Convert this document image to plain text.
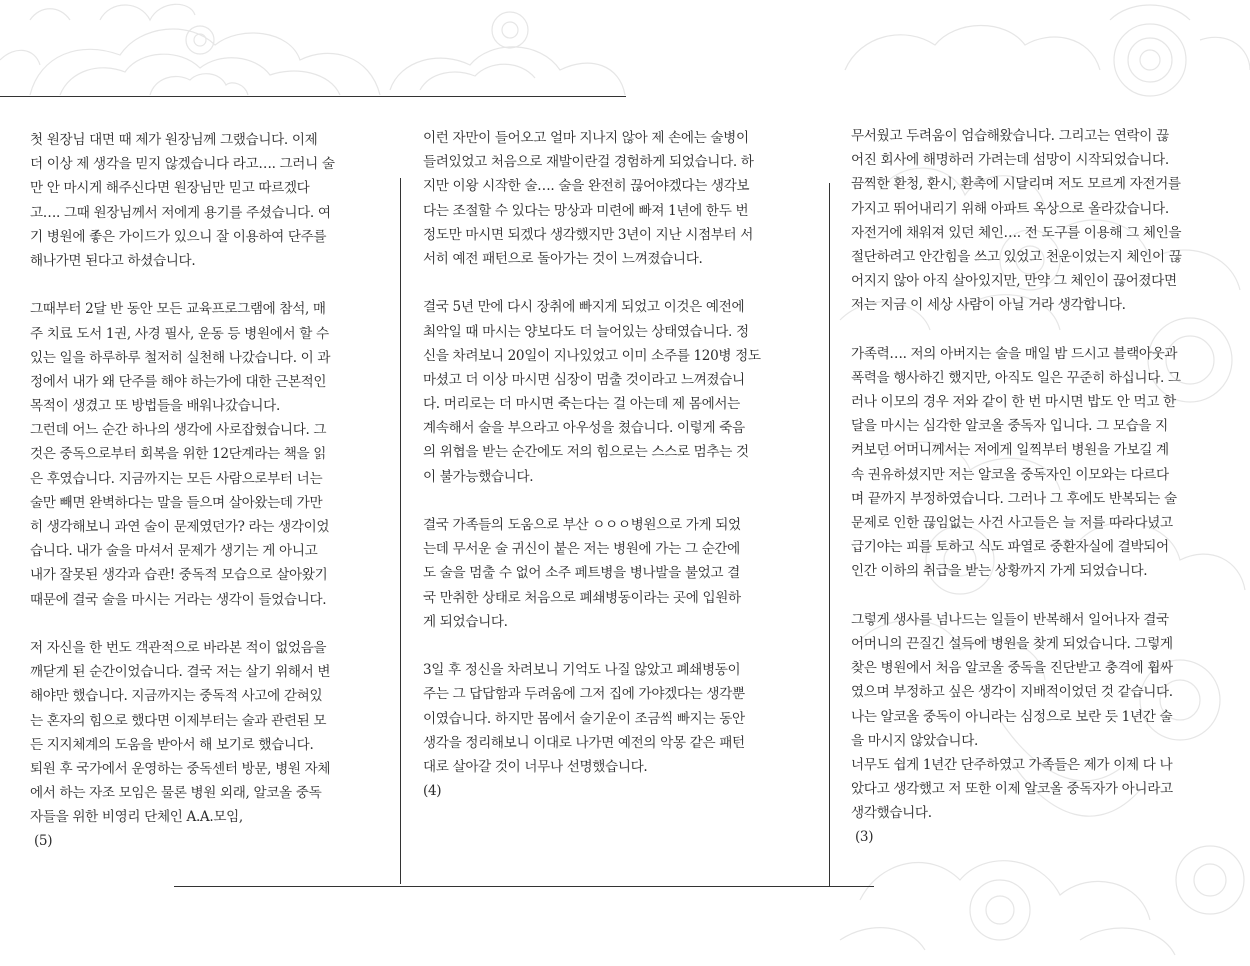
첫 원장님 대면 때 제가 원장님께 그랬습니다. 이제
더 이상 제 생각을 믿지 않겠습니다 라고…. 그러니 술
만 안 마시게 해주신다면 원장님만 믿고 따르겠다
고…. 그때 원장님께서 저에게 용기를 주셨습니다. 여
기 병원에 좋은 가이드가 있으니 잘 이용하여 단주를
해나가면 된다고 하셨습니다.
그때부터 2달 반 동안 모든 교육프로그램에 참석, 매
주 치료 도서 1권, 사경 필사, 운동 등 병원에서 할 수
있는 일을 하루하루 철저히 실천해 나갔습니다. 이 과
정에서 내가 왜 단주를 해야 하는가에 대한 근본적인
목적이 생겼고 또 방법들을 배워나갔습니다.
그런데 어느 순간 하나의 생각에 사로잡혔습니다. 그
것은 중독으로부터 회복을 위한 12단계라는 책을 읽
은 후였습니다. 지금까지는 모든 사람으로부터 너는
술만 빼면 완벽하다는 말을 들으며 살아왔는데 가만
히 생각해보니 과연 술이 문제였던가? 라는 생각이었
습니다. 내가 술을 마셔서 문제가 생기는 게 아니고
내가 잘못된 생각과 습관! 중독적 모습으로 살아왔기
때문에 결국 술을 마시는 거라는 생각이 들었습니다.
저 자신을 한 번도 객관적으로 바라본 적이 없었음을
깨닫게 된 순간이었습니다. 결국 저는 살기 위해서 변
해야만 했습니다. 지금까지는 중독적 사고에 갇혀있
는 혼자의 힘으로 했다면 이제부터는 술과 관련된 모
든 지지체계의 도움을 받아서 해 보기로 했습니다.
퇴원 후 국가에서 운영하는 중독센터 방문, 병원 자체
에서 하는 자조 모임은 물론 병원 외래, 알코올 중독
자들을 위한 비영리 단체인 A.A.모임,
(5)
이런 자만이 들어오고 얼마 지나지 않아 제 손에는 술병이
들려있었고 처음으로 재발이란걸 경험하게 되었습니다. 하
지만 이왕 시작한 술…. 술을 완전히 끊어야겠다는 생각보
다는 조절할 수 있다는 망상과 미련에 빠져 1년에 한두 번
정도만 마시면 되겠다 생각했지만 3년이 지난 시점부터 서
서히 예전 패턴으로 돌아가는 것이 느껴졌습니다.
결국 5년 만에 다시 장취에 빠지게 되었고 이것은 예전에
최악일 때 마시는 양보다도 더 늘어있는 상태였습니다. 정
신을 차려보니 20일이 지나있었고 이미 소주를 120병 정도
마셨고 더 이상 마시면 심장이 멈출 것이라고 느껴졌습니
다. 머리로는 더 마시면 죽는다는 걸 아는데 제 몸에서는
계속해서 술을 부으라고 아우성을 쳤습니다. 이렇게 죽음
의 위협을 받는 순간에도 저의 힘으로는 스스로 멈추는 것
이 불가능했습니다.
결국 가족들의 도움으로 부산 ㅇㅇㅇ병원으로 가게 되었
는데 무서운 술 귀신이 붙은 저는 병원에 가는 그 순간에
도 술을 멈출 수 없어 소주 페트병을 병나발을 불었고 결
국 만취한 상태로 처음으로 폐쇄병동이라는 곳에 입원하
게 되었습니다.
3일 후 정신을 차려보니 기억도 나질 않았고 폐쇄병동이
주는 그 답답함과 두려움에 그저 집에 가야겠다는 생각뿐
이였습니다. 하지만 몸에서 술기운이 조금씩 빠지는 동안
생각을 정리해보니 이대로 나가면 예전의 악몽 같은 패턴
대로 살아갈 것이 너무나 선명했습니다.
(4)
무서웠고 두려움이 엄습해왔습니다. 그리고는 연락이 끊
어진 회사에 해명하러 가려는데 섬망이 시작되었습니다.
끔찍한 환청, 환시, 환촉에 시달리며 저도 모르게 자전거를
가지고 뛰어내리기 위해 아파트 옥상으로 올라갔습니다.
자전거에 채워져 있던 체인…. 전 도구를 이용해 그 체인을
절단하려고 안간힘을 쓰고 있었고 천운이었는지 체인이 끊
어지지 않아 아직 살아있지만, 만약 그 체인이 끊어졌다면
저는 지금 이 세상 사람이 아닐 거라 생각합니다.
가족력…. 저의 아버지는 술을 매일 밤 드시고 블랙아웃과
폭력을 행사하긴 했지만, 아직도 일은 꾸준히 하십니다. 그
러나 이모의 경우 저와 같이 한 번 마시면 밥도 안 먹고 한
달을 마시는 심각한 알코올 중독자 입니다. 그 모습을 지
켜보던 어머니께서는 저에게 일찍부터 병원을 가보길 계
속 권유하셨지만 저는 알코올 중독자인 이모와는 다르다
며 끝까지 부정하였습니다. 그러나 그 후에도 반복되는 술
문제로 인한 끊임없는 사건 사고들은 늘 저를 따라다녔고
급기야는 피를 토하고 식도 파열로 중환자실에 결박되어
인간 이하의 취급을 받는 상황까지 가게 되었습니다.
그렇게 생사를 넘나드는 일들이 반복해서 일어나자 결국
어머니의 끈질긴 설득에 병원을 찾게 되었습니다. 그렇게
찾은 병원에서 처음 알코올 중독을 진단받고 충격에 휩싸
였으며 부정하고 싶은 생각이 지배적이었던 것 같습니다.
나는 알코올 중독이 아니라는 심정으로 보란 듯 1년간 술
을 마시지 않았습니다.
너무도 쉽게 1년간 단주하였고 가족들은 제가 이제 다 나
았다고 생각했고 저 또한 이제 알코올 중독자가 아니라고
생각했습니다.
(3)
